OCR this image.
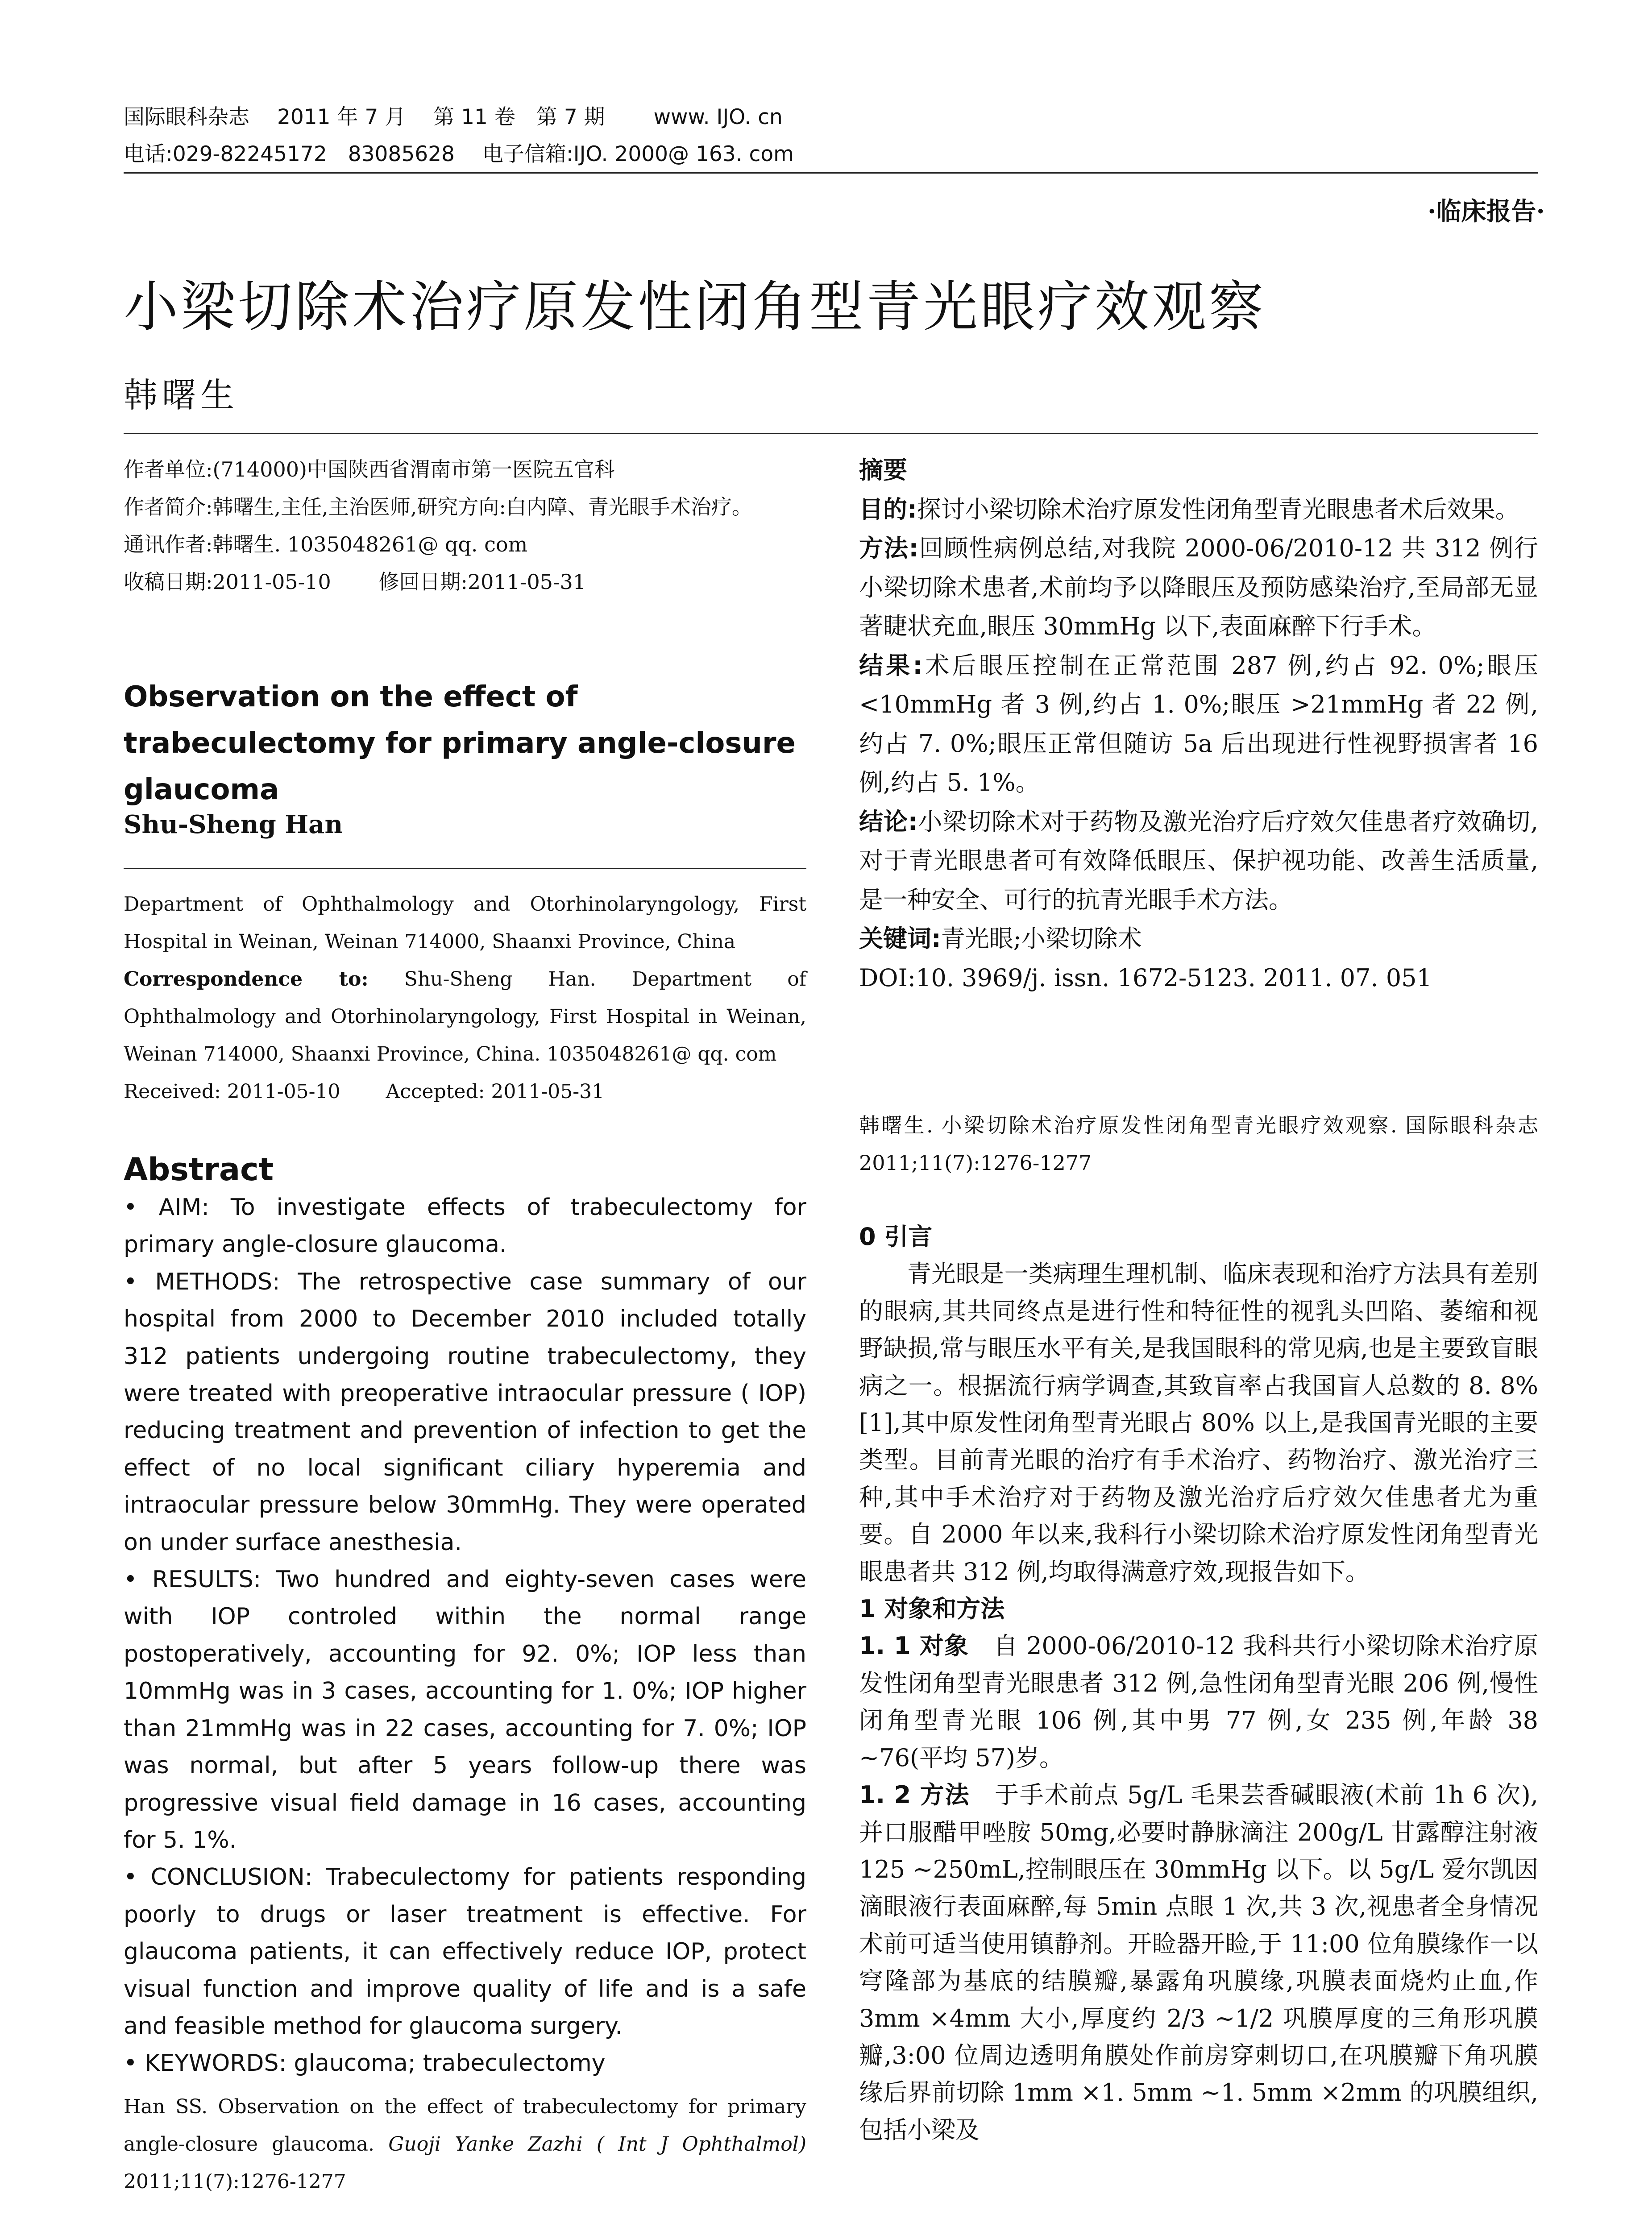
国际眼科杂志　 2011 年 7 月　 第 11 卷　第 7 期　　 www. IJO. cn
电话:029-82245172　83085628　 电子信箱:IJO. 2000@ 163. com
·临床报告·
小梁切除术治疗原发性闭角型青光眼疗效观察
韩曙生
作者单位:(714000)中国陕西省渭南市第一医院五官科
作者简介:韩曙生,主任,主治医师,研究方向:白内障、青光眼手术治疗。
通讯作者:韩曙生. 1035048261@ qq. com
收稿日期:2011-05-10　　 修回日期:2011-05-31
Observation on the effect of trabeculectomy for primary angle-closure glaucoma
Shu-Sheng Han
Department of Ophthalmology and Otorhinolaryngology, First Hospital in Weinan, Weinan 714000, Shaanxi Province, China
Correspondence to: Shu-Sheng Han. Department of Ophthalmology and Otorhinolaryngology, First Hospital in Weinan, Weinan 714000, Shaanxi Province, China. 1035048261@ qq. com
Received: 2011-05-10　　 Accepted: 2011-05-31
Abstract
• AIM: To investigate effects of trabeculectomy for primary angle-closure glaucoma.
• METHODS: The retrospective case summary of our hospital from 2000 to December 2010 included totally 312 patients undergoing routine trabeculectomy, they were treated with preoperative intraocular pressure ( IOP) reducing treatment and prevention of infection to get the effect of no local significant ciliary hyperemia and intraocular pressure below 30mmHg. They were operated on under surface anesthesia.
• RESULTS: Two hundred and eighty-seven cases were with IOP controled within the normal range postoperatively, accounting for 92. 0%; IOP less than 10mmHg was in 3 cases, accounting for 1. 0%; IOP higher than 21mmHg was in 22 cases, accounting for 7. 0%; IOP was normal, but after 5 years follow-up there was progressive visual field damage in 16 cases, accounting for 5. 1%.
• CONCLUSION: Trabeculectomy for patients responding poorly to drugs or laser treatment is effective. For glaucoma patients, it can effectively reduce IOP, protect visual function and improve quality of life and is a safe and feasible method for glaucoma surgery.
• KEYWORDS: glaucoma; trabeculectomy
Han SS. Observation on the effect of trabeculectomy for primary angle-closure glaucoma. Guoji Yanke Zazhi ( Int J Ophthalmol) 2011;11(7):1276-1277
摘要
目的:探讨小梁切除术治疗原发性闭角型青光眼患者术后效果。
方法:回顾性病例总结,对我院 2000-06/2010-12 共 312 例行小梁切除术患者,术前均予以降眼压及预防感染治疗,至局部无显著睫状充血,眼压 30mmHg 以下,表面麻醉下行手术。
结果:术后眼压控制在正常范围 287 例,约占 92. 0%;眼压 <10mmHg 者 3 例,约占 1. 0%;眼压 >21mmHg 者 22 例,约占 7. 0%;眼压正常但随访 5a 后出现进行性视野损害者 16 例,约占 5. 1%。
结论:小梁切除术对于药物及激光治疗后疗效欠佳患者疗效确切,对于青光眼患者可有效降低眼压、保护视功能、改善生活质量,是一种安全、可行的抗青光眼手术方法。
关键词:青光眼;小梁切除术
DOI:10. 3969/j. issn. 1672-5123. 2011. 07. 051
韩曙生. 小梁切除术治疗原发性闭角型青光眼疗效观察. 国际眼科杂志 2011;11(7):1276-1277
0 引言
青光眼是一类病理生理机制、临床表现和治疗方法具有差别的眼病,其共同终点是进行性和特征性的视乳头凹陷、萎缩和视野缺损,常与眼压水平有关,是我国眼科的常见病,也是主要致盲眼病之一。根据流行病学调查,其致盲率占我国盲人总数的 8. 8%[1],其中原发性闭角型青光眼占 80% 以上,是我国青光眼的主要类型。目前青光眼的治疗有手术治疗、药物治疗、激光治疗三种,其中手术治疗对于药物及激光治疗后疗效欠佳患者尤为重要。自 2000 年以来,我科行小梁切除术治疗原发性闭角型青光眼患者共 312 例,均取得满意疗效,现报告如下。
1 对象和方法
1. 1 对象　 自 2000-06/2010-12 我科共行小梁切除术治疗原发性闭角型青光眼患者 312 例,急性闭角型青光眼 206 例,慢性闭角型青光眼 106 例,其中男 77 例,女 235 例,年龄 38 ~76(平均 57)岁。
1. 2 方法　 于手术前点 5g/L 毛果芸香碱眼液(术前 1h 6 次),并口服醋甲唑胺 50mg,必要时静脉滴注 200g/L 甘露醇注射液 125 ~250mL,控制眼压在 30mmHg 以下。以 5g/L 爱尔凯因滴眼液行表面麻醉,每 5min 点眼 1 次,共 3 次,视患者全身情况术前可适当使用镇静剂。开睑器开睑,于 11:00 位角膜缘作一以穹隆部为基底的结膜瓣,暴露角巩膜缘,巩膜表面烧灼止血,作 3mm ×4mm 大小,厚度约 2/3 ~1/2 巩膜厚度的三角形巩膜瓣,3:00 位周边透明角膜处作前房穿刺切口,在巩膜瓣下角巩膜缘后界前切除 1mm ×1. 5mm ~1. 5mm ×2mm 的巩膜组织,包括小梁及
